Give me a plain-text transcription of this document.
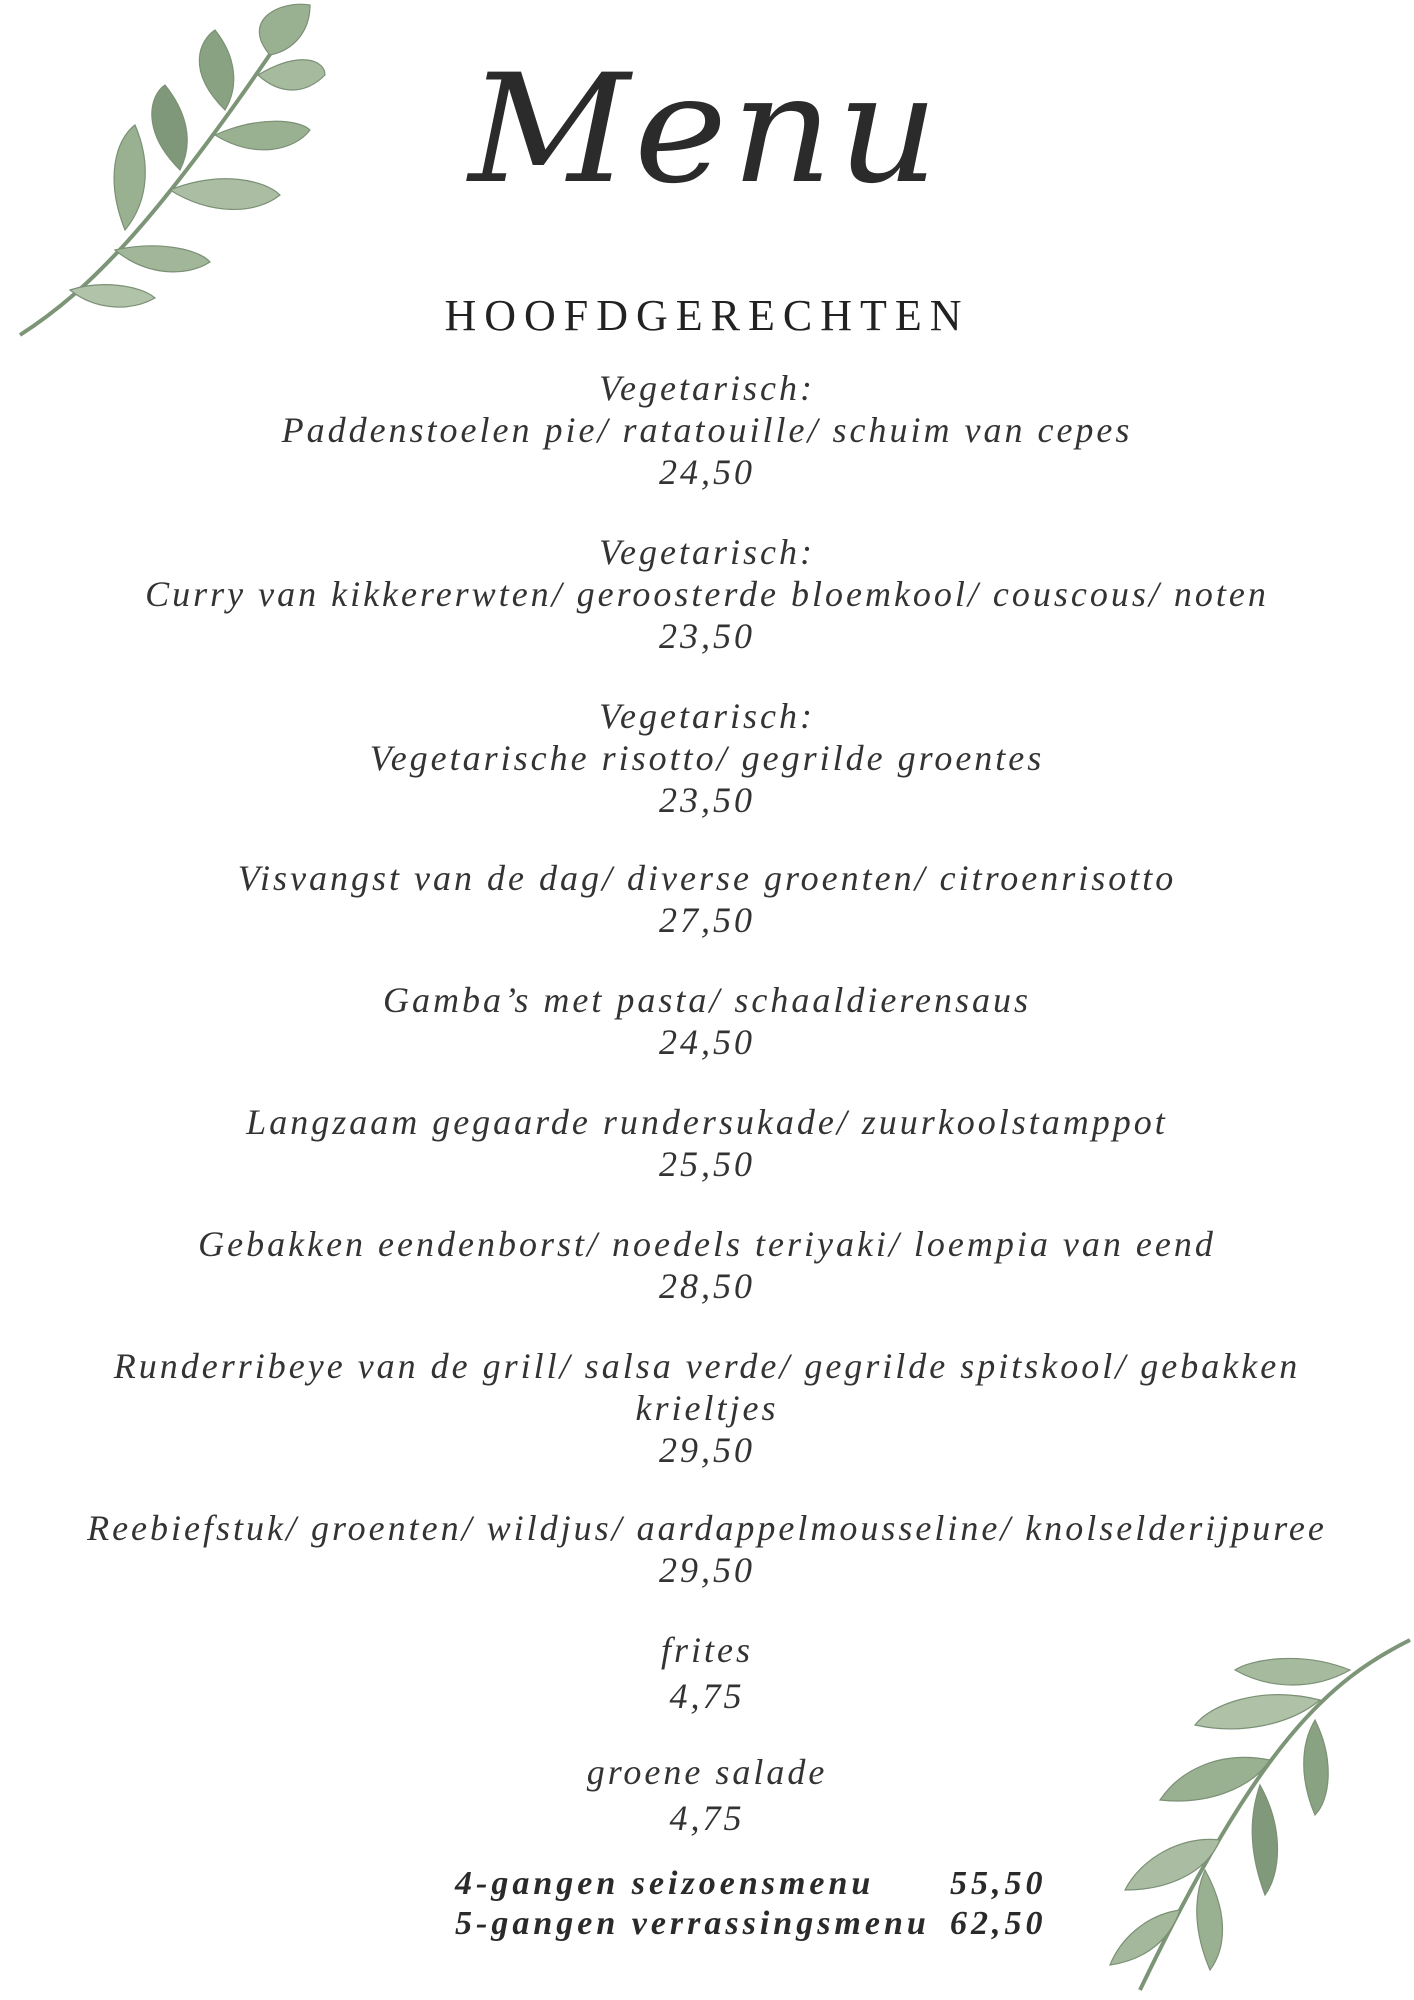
Menu
HOOFDGERECHTEN
Vegetarisch:
Paddenstoelen pie/ ratatouille/ schuim van cepes
24,50
Vegetarisch:
Curry van kikkererwten/ geroosterde bloemkool/ couscous/ noten
23,50
Vegetarisch:
Vegetarische risotto/ gegrilde groentes
23,50
Visvangst van de dag/ diverse groenten/ citroenrisotto
27,50
Gamba’s met pasta/ schaaldierensaus
24,50
Langzaam gegaarde rundersukade/ zuurkoolstamppot
25,50
Gebakken eendenborst/ noedels teriyaki/ loempia van eend
28,50
Runderribeye van de grill/ salsa verde/ gegrilde spitskool/ gebakken
krieltjes
29,50
Reebiefstuk/ groenten/ wildjus/ aardappelmousseline/ knolselderijpuree
29,50
frites
4,75
groene salade
4,75
4-gangen seizoensmenu 55,50
5-gangen verrassingsmenu 62,50
